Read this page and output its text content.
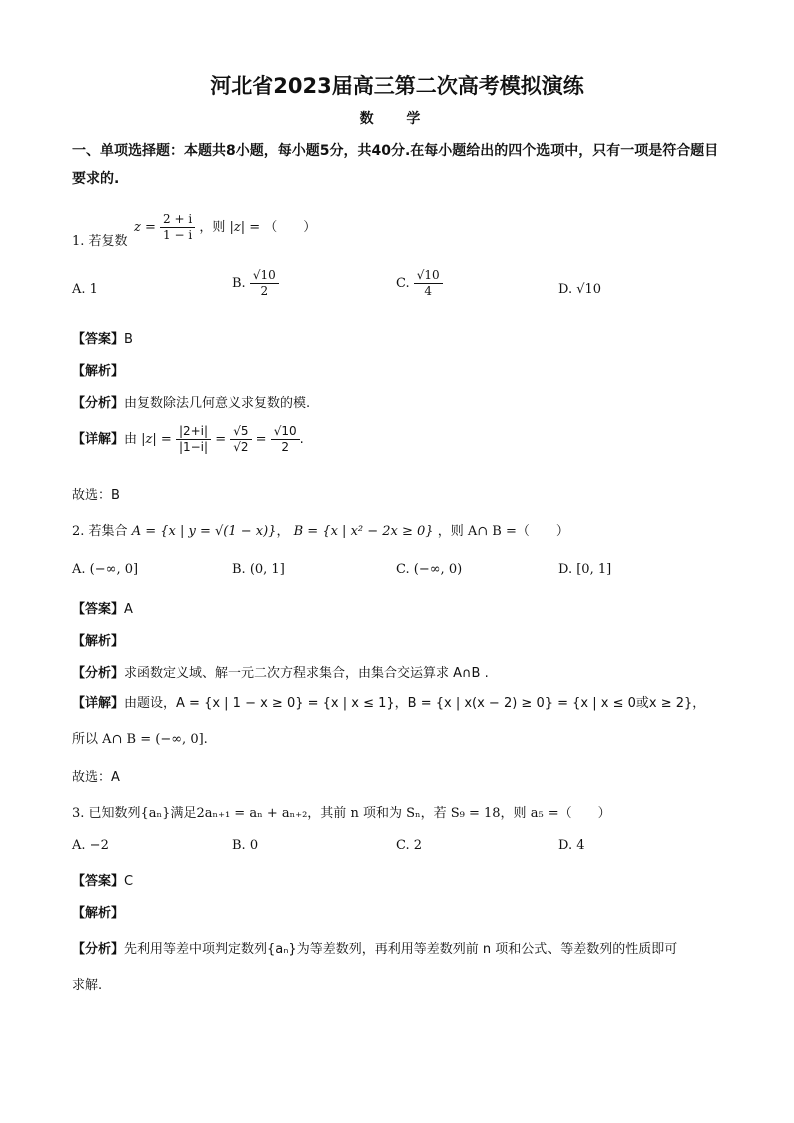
河北省2023届高三第二次高考模拟演练
数 学
一、单项选择题：本题共8小题，每小题5分，共40分.在每小题给出的四个选项中，只有一项是符合题目要求的.
1. 若复数
$z = \frac{2 + i}{1 - i}$ ，则 |z| = （　　）
A. 1	B. $\frac{√10}{2}$	C. $\frac{√10}{4}$	D. √10
【答案】B
【解析】
【分析】由复数除法几何意义求复数的模.
【详解】由 $|z| = \frac{|2+i|}{|1-i|} = \frac{√5}{√2} = \frac{√10}{2}$ .
故选：B
2. 若集合 A = {x | y = √(1 − x)}， B = {x | x² − 2x ≥ 0} ，则 A∩ B =（　　）
A. (−∞, 0]	B. (0, 1]	C. (−∞, 0)	D. [0, 1]
【答案】A
【解析】
【分析】求函数定义域、解一元二次方程求集合，由集合交运算求 A∩B .
【详解】由题设，A = {x | 1 − x ≥ 0} = {x | x ≤ 1}，B = {x | x(x − 2) ≥ 0} = {x | x ≤ 0或x ≥ 2}，
所以 A∩ B = (−∞, 0].
故选：A
3. 已知数列{aₙ}满足2aₙ₊₁ = aₙ + aₙ₊₂，其前 n 项和为 Sₙ，若 S₉ = 18，则 a₅ =（　　）
A. −2	B. 0	C. 2	D. 4
【答案】C
【解析】
【分析】先利用等差中项判定数列{aₙ}为等差数列，再利用等差数列前 n 项和公式、等差数列的性质即可
求解.
